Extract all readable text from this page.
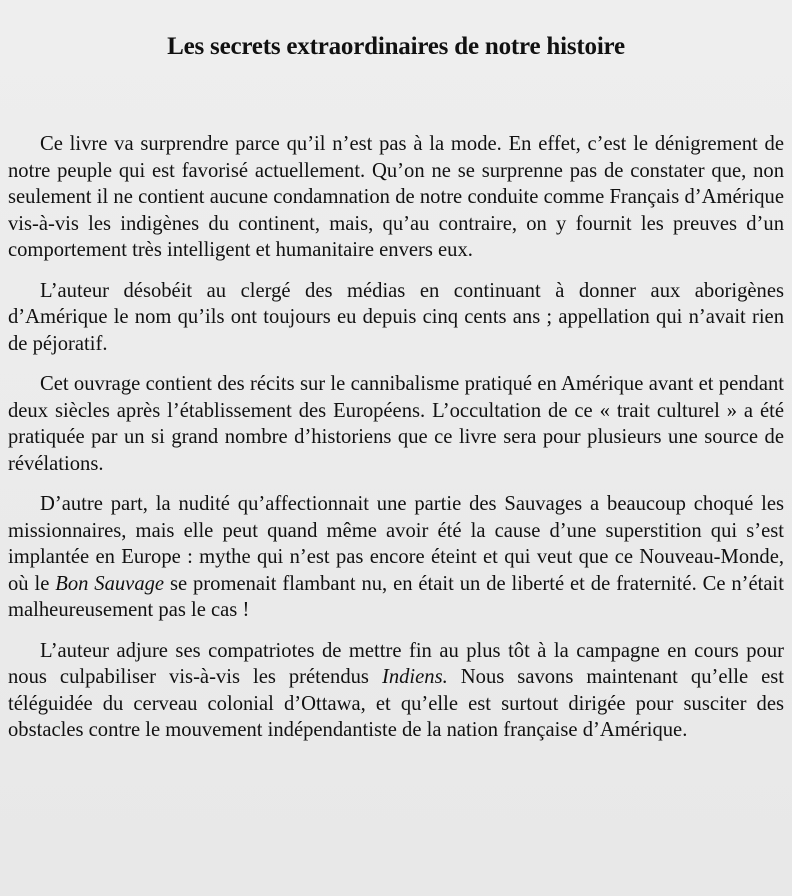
Les secrets extraordinaires de notre histoire

Ce livre va surprendre parce qu’il n’est pas à la mode. En effet, c’est le dénigrement de notre peuple qui est favorisé actuellement. Qu’on ne se surprenne pas de constater que, non seulement il ne contient aucune condamnation de notre conduite comme Français d’Amérique vis-à-vis les indigènes du continent, mais, qu’au contraire, on y fournit les preuves d’un comportement très intelligent et humanitaire envers eux.

L’auteur désobéit au clergé des médias en continuant à donner aux aborigènes d’Amérique le nom qu’ils ont toujours eu depuis cinq cents ans ; appellation qui n’avait rien de péjoratif.

Cet ouvrage contient des récits sur le cannibalisme pratiqué en Amérique avant et pendant deux siècles après l’établissement des Européens. L’occultation de ce « trait culturel » a été pratiquée par un si grand nombre d’historiens que ce livre sera pour plusieurs une source de révélations.

D’autre part, la nudité qu’affectionnait une partie des Sauvages a beaucoup choqué les missionnaires, mais elle peut quand même avoir été la cause d’une superstition qui s’est implantée en Europe : mythe qui n’est pas encore éteint et qui veut que ce Nouveau-Monde, où le Bon Sauvage se promenait flambant nu, en était un de liberté et de fraternité. Ce n’était malheureusement pas le cas !

L’auteur adjure ses compatriotes de mettre fin au plus tôt à la campagne en cours pour nous culpabiliser vis-à-vis les prétendus Indiens. Nous savons maintenant qu’elle est téléguidée du cerveau colonial d’Ottawa, et qu’elle est surtout dirigée pour susciter des obstacles contre le mouvement indépendantiste de la nation française d’Amérique.
